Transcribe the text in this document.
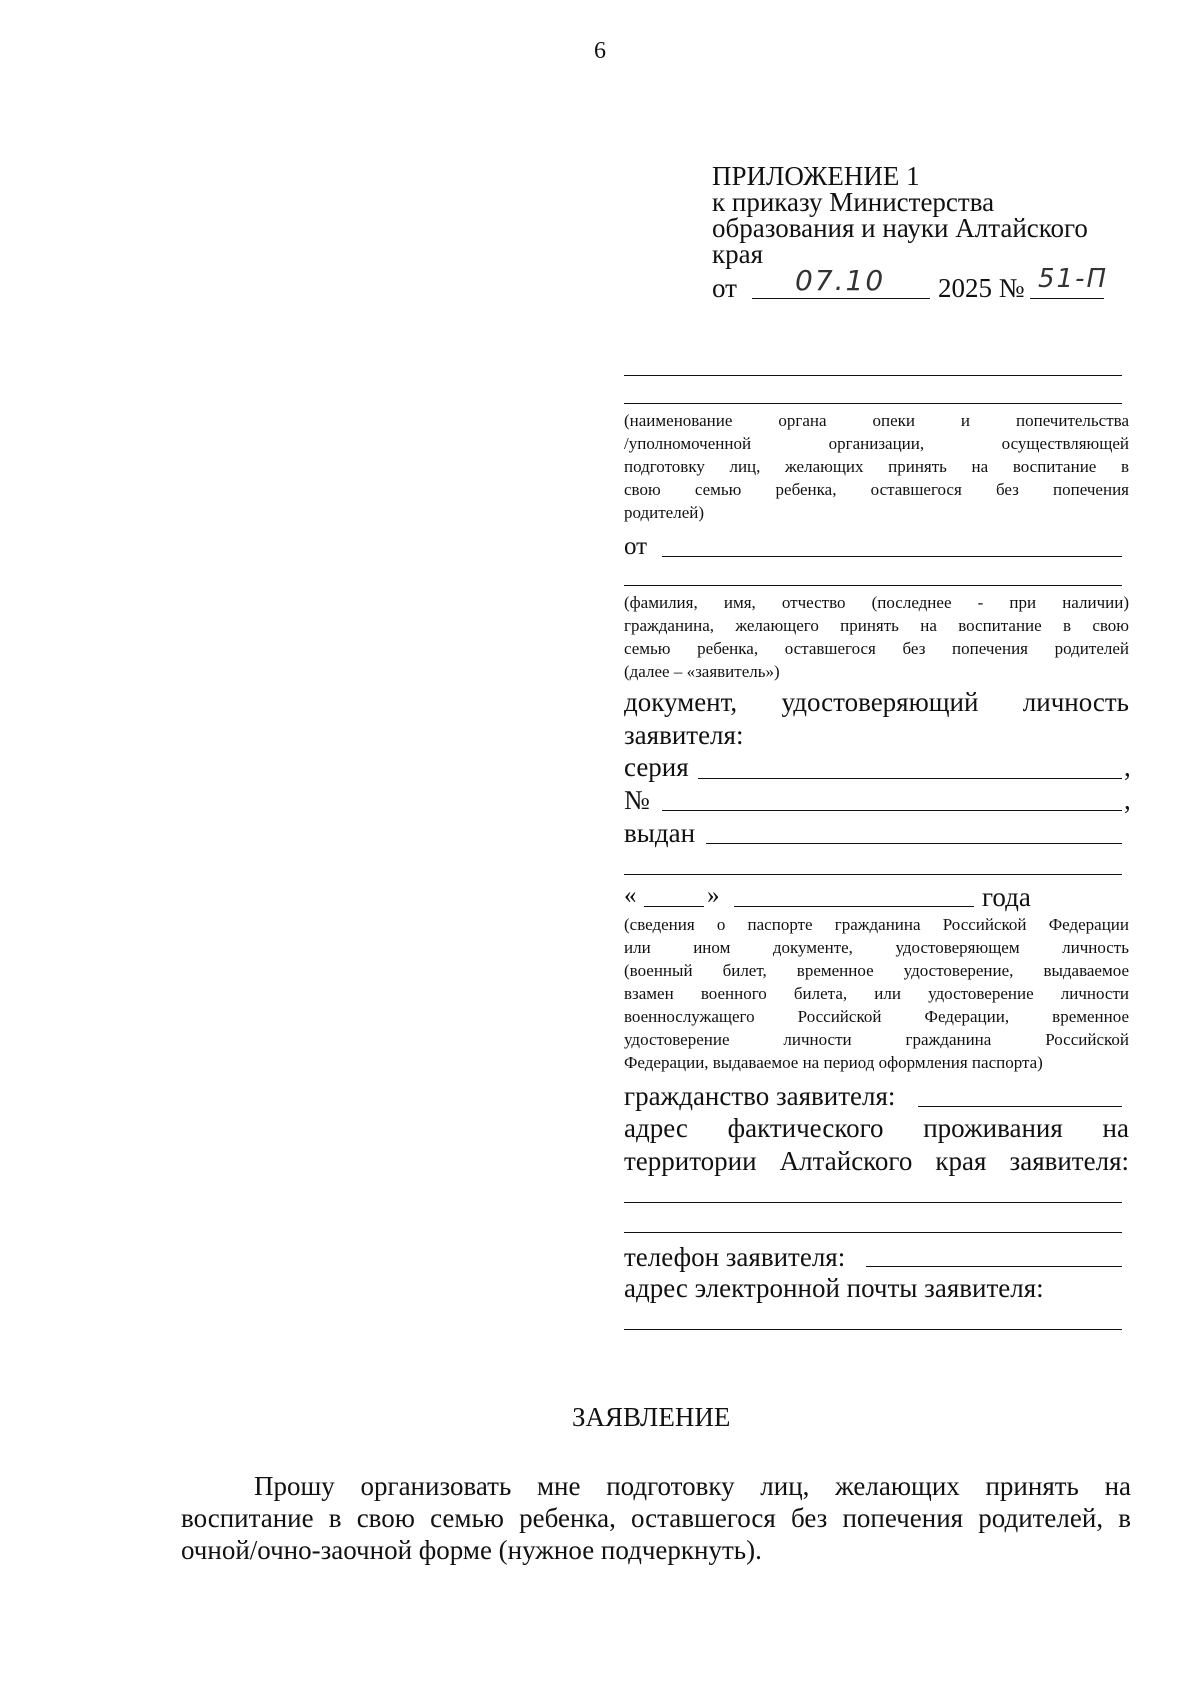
6
ПРИЛОЖЕНИЕ 1
к приказу Министерства
образования и науки Алтайского
края
от 07.10 2025 № 51-П
(наименование органа опеки и попечительства
/уполномоченной организации, осуществляющей
подготовку лиц, желающих принять на воспитание в
свою семью ребенка, оставшегося без попечения
родителей)
от
(фамилия, имя, отчество (последнее - при наличии)
гражданина, желающего принять на воспитание в свою
семью ребенка, оставшегося без попечения родителей
(далее – «заявитель»)
документ, удостоверяющий личность
заявителя:
серия	,
№	,
выдан
«	»	года
(сведения о паспорте гражданина Российской Федерации
или ином документе, удостоверяющем личность
(военный билет, временное удостоверение, выдаваемое
взамен военного билета, или удостоверение личности
военнослужащего Российской Федерации, временное
удостоверение личности гражданина Российской
Федерации, выдаваемое на период оформления паспорта)
гражданство заявителя:
адрес фактического проживания на
территории Алтайского края заявителя:
телефон заявителя:
адрес электронной почты заявителя:
ЗАЯВЛЕНИЕ
Прошу организовать мне подготовку лиц, желающих принять на
воспитание в свою семью ребенка, оставшегося без попечения родителей, в
очной/очно-заочной форме (нужное подчеркнуть).
